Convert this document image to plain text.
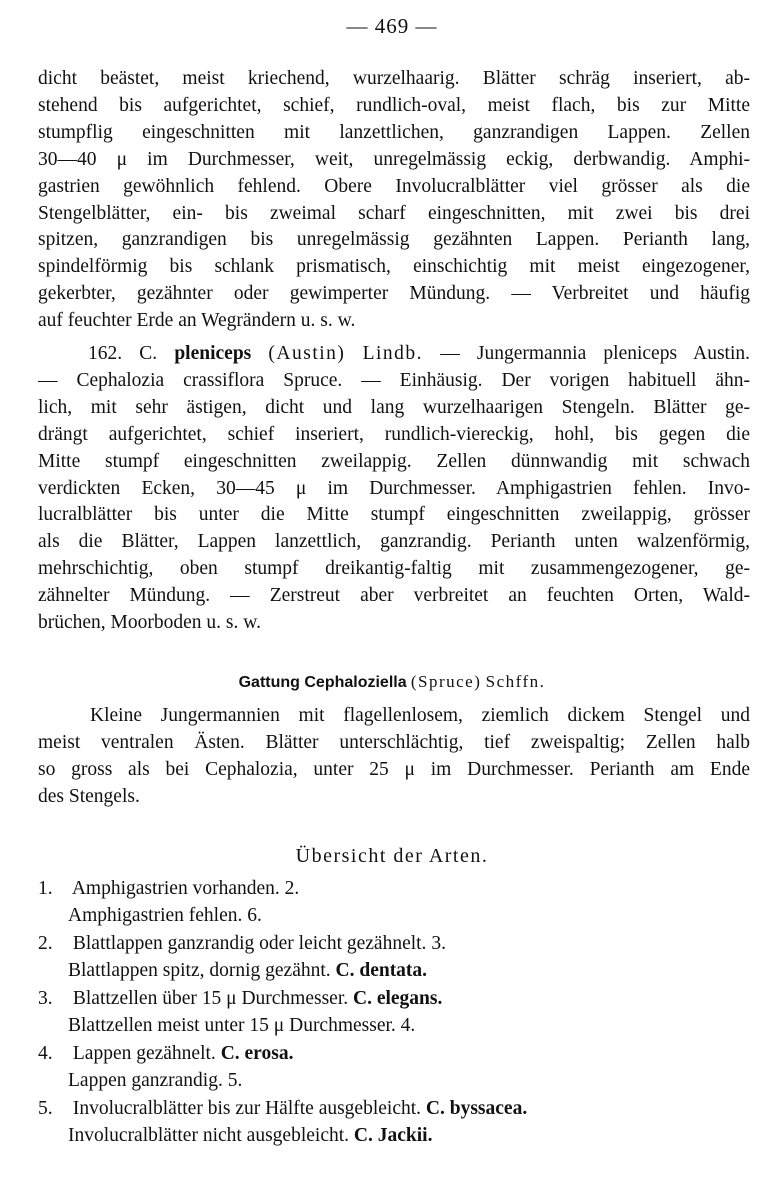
— 469 —
dicht beästet, meist kriechend, wurzelhaarig. Blätter schräg inseriert, ab-
stehend bis aufgerichtet, schief, rundlich-oval, meist flach, bis zur Mitte
stumpflig eingeschnitten mit lanzettlichen, ganzrandigen Lappen. Zellen
30—40 μ im Durchmesser, weit, unregelmässig eckig, derbwandig. Amphi-
gastrien gewöhnlich fehlend. Obere Involucralblätter viel grösser als die
Stengelblätter, ein- bis zweimal scharf eingeschnitten, mit zwei bis drei
spitzen, ganzrandigen bis unregelmässig gezähnten Lappen. Perianth lang,
spindelförmig bis schlank prismatisch, einschichtig mit meist eingezogener,
gekerbter, gezähnter oder gewimperter Mündung. — Verbreitet und häufig
auf feuchter Erde an Wegrändern u. s. w.
162. C. pleniceps (Austin) Lindb. — Jungermannia pleniceps Austin.
— Cephalozia crassiflora Spruce. — Einhäusig. Der vorigen habituell ähn-
lich, mit sehr ästigen, dicht und lang wurzelhaarigen Stengeln. Blätter ge-
drängt aufgerichtet, schief inseriert, rundlich-viereckig, hohl, bis gegen die
Mitte stumpf eingeschnitten zweilappig. Zellen dünnwandig mit schwach
verdickten Ecken, 30—45 μ im Durchmesser. Amphigastrien fehlen. Invo-
lucralblätter bis unter die Mitte stumpf eingeschnitten zweilappig, grösser
als die Blätter, Lappen lanzettlich, ganzrandig. Perianth unten walzenförmig,
mehrschichtig, oben stumpf dreikantig-faltig mit zusammengezogener, ge-
zähnelter Mündung. — Zerstreut aber verbreitet an feuchten Orten, Wald-
brüchen, Moorboden u. s. w.
Gattung Cephaloziella (Spruce) Schffn.
Kleine Jungermannien mit flagellenlosem, ziemlich dickem Stengel und
meist ventralen Ästen. Blätter unterschlächtig, tief zweispaltig; Zellen halb
so gross als bei Cephalozia, unter 25 μ im Durchmesser. Perianth am Ende
des Stengels.
Übersicht der Arten.
1. Amphigastrien vorhanden. 2.
Amphigastrien fehlen. 6.
2. Blattlappen ganzrandig oder leicht gezähnelt. 3.
Blattlappen spitz, dornig gezähnt. C. dentata.
3. Blattzellen über 15 μ Durchmesser. C. elegans.
Blattzellen meist unter 15 μ Durchmesser. 4.
4. Lappen gezähnelt. C. erosa.
Lappen ganzrandig. 5.
5. Involucralblätter bis zur Hälfte ausgebleicht. C. byssacea.
Involucralblätter nicht ausgebleicht. C. Jackii.
